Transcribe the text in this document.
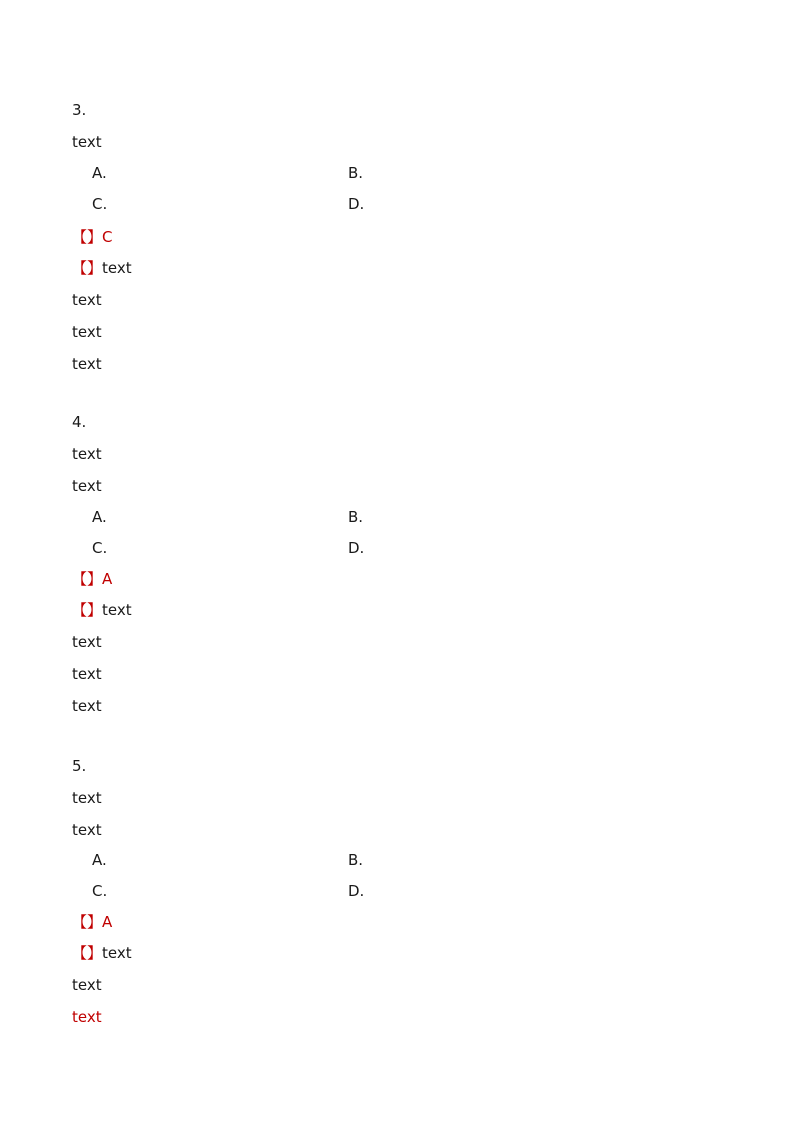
3.
text
A.	B.
C.	D.
【】C
【】text
text
text
text
4.
text
text
A.	B.
C.	D.
【】A
【】text
text
text
text
5.
text
text
A.	B.
C.	D.
【】A
【】text
text
text
